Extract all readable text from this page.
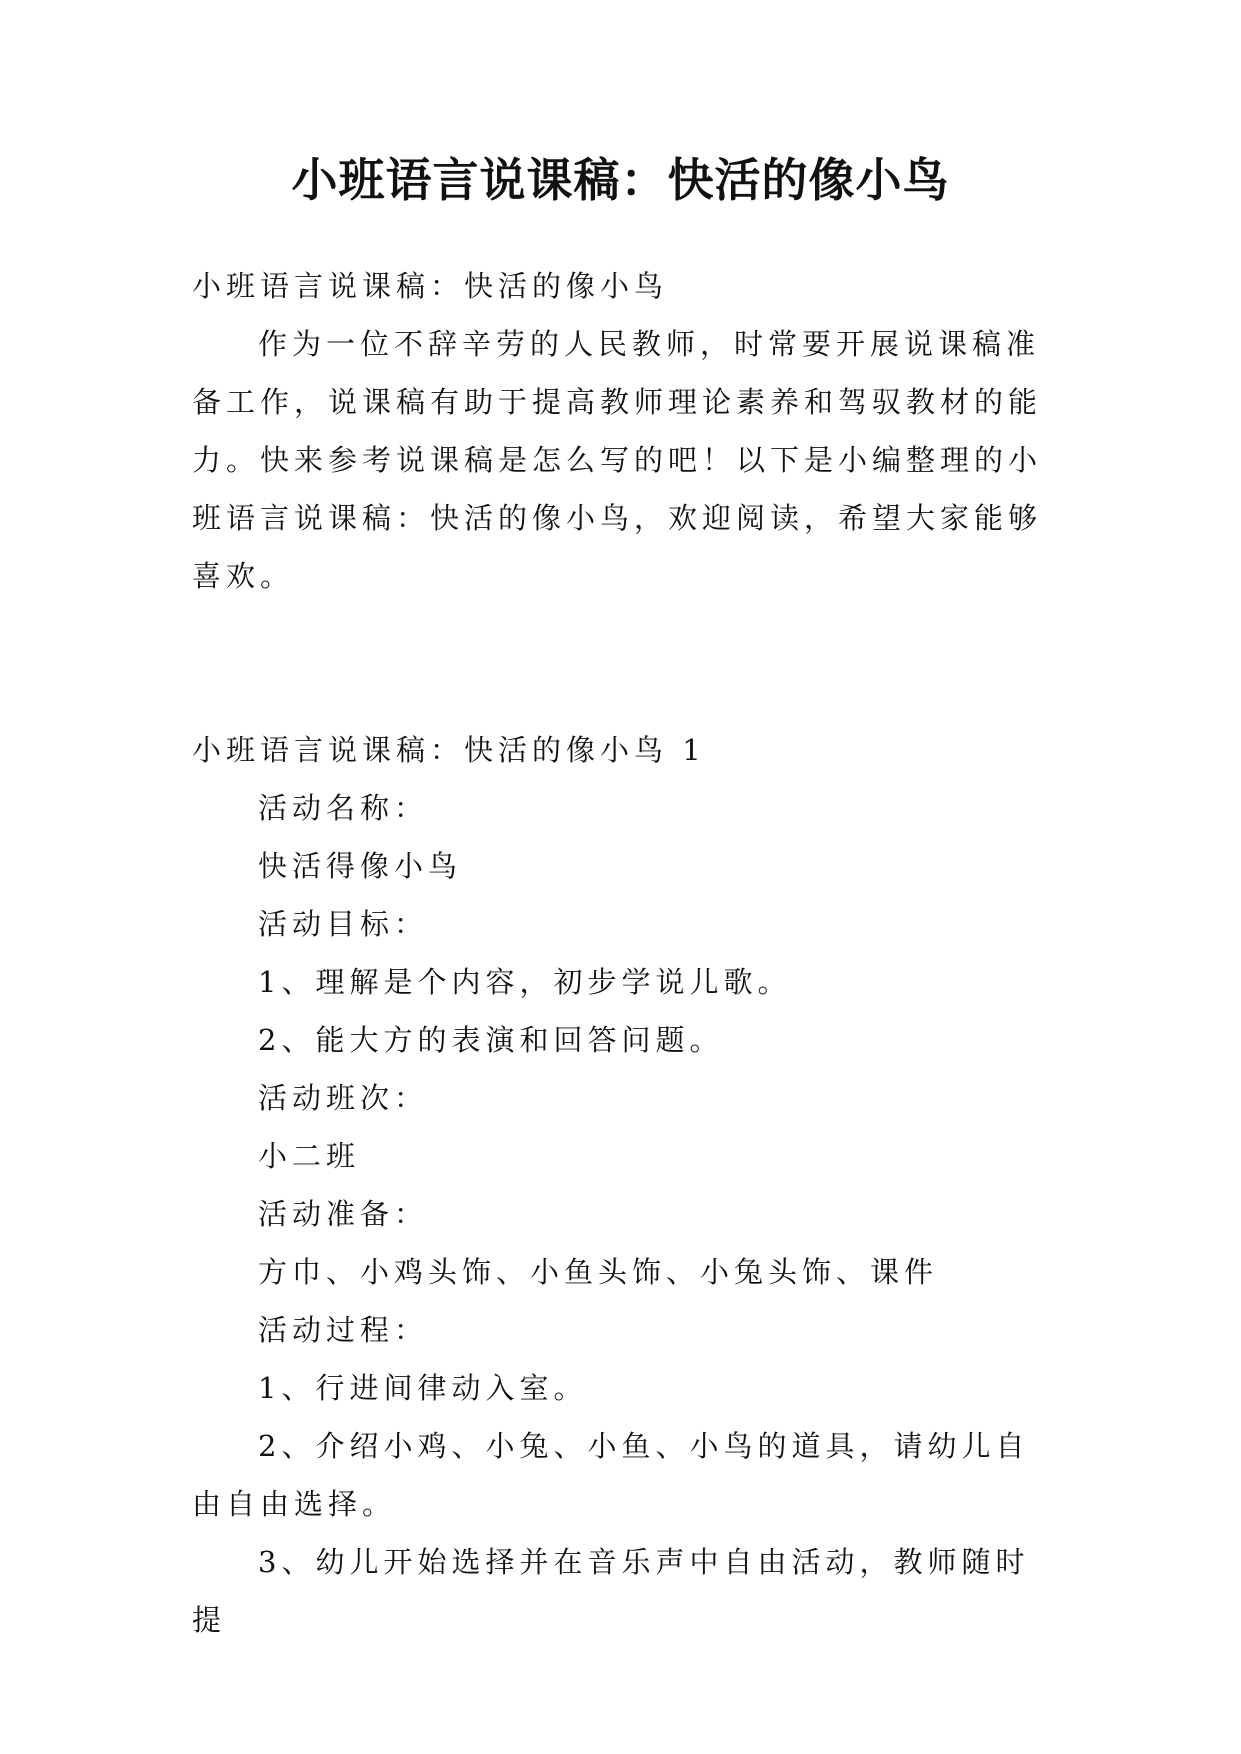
小班语言说课稿：快活的像小鸟

小班语言说课稿：快活的像小鸟

作为一位不辞辛劳的人民教师，时常要开展说课稿准备工作，说课稿有助于提高教师理论素养和驾驭教材的能力。快来参考说课稿是怎么写的吧！以下是小编整理的小班语言说课稿：快活的像小鸟，欢迎阅读，希望大家能够喜欢。

小班语言说课稿：快活的像小鸟 1

活动名称：

快活得像小鸟

活动目标：

1、理解是个内容，初步学说儿歌。

2、能大方的表演和回答问题。

活动班次：

小二班

活动准备：

方巾、小鸡头饰、小鱼头饰、小兔头饰、课件

活动过程：

1、行进间律动入室。

2、介绍小鸡、小兔、小鱼、小鸟的道具，请幼儿自由自由选择。

3、幼儿开始选择并在音乐声中自由活动，教师随时提
